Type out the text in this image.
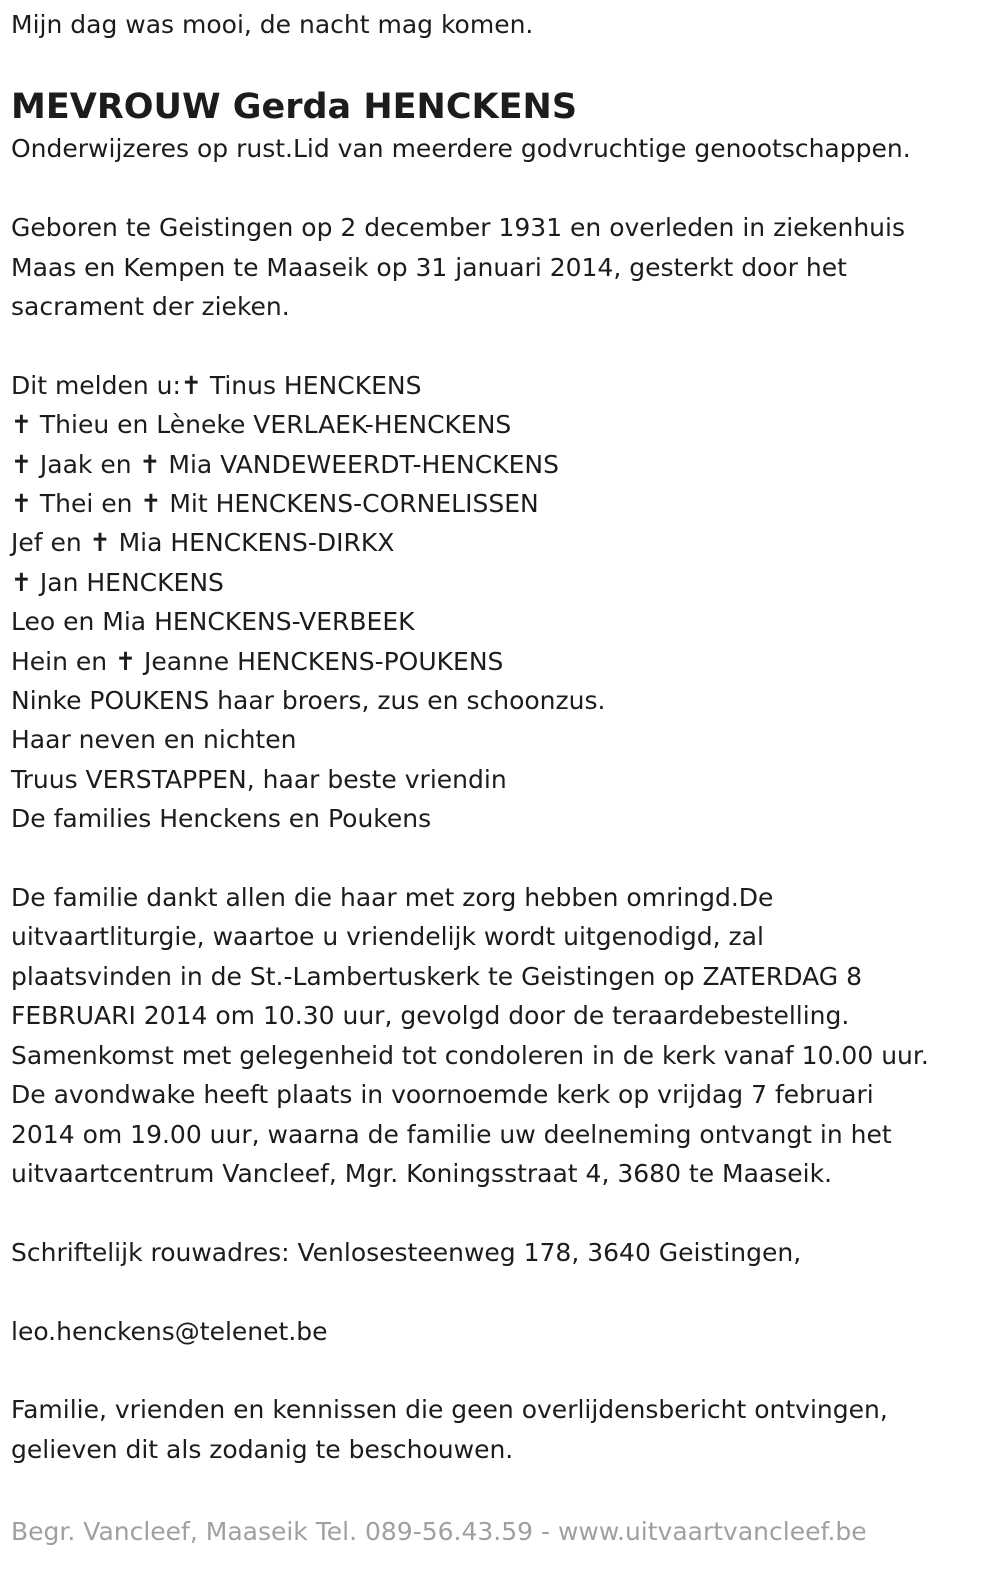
Mijn dag was mooi, de nacht mag komen.

MEVROUW Gerda HENCKENS

Onderwijzeres op rust.Lid van meerdere godvruchtige genootschappen.

Geboren te Geistingen op 2 december 1931 en overleden in ziekenhuis

Maas en Kempen te Maaseik op 31 januari 2014, gesterkt door het

sacrament der zieken.

Dit melden u:✝ Tinus HENCKENS

✝ Thieu en Lèneke VERLAEK-HENCKENS

✝ Jaak en ✝ Mia VANDEWEERDT-HENCKENS

✝ Thei en ✝ Mit HENCKENS-CORNELISSEN

Jef en ✝ Mia HENCKENS-DIRKX

✝ Jan HENCKENS

Leo en Mia HENCKENS-VERBEEK

Hein en ✝ Jeanne HENCKENS-POUKENS

Ninke POUKENS haar broers, zus en schoonzus.

Haar neven en nichten

Truus VERSTAPPEN, haar beste vriendin

De families Henckens en Poukens

De familie dankt allen die haar met zorg hebben omringd.De

uitvaartliturgie, waartoe u vriendelijk wordt uitgenodigd, zal

plaatsvinden in de St.-Lambertuskerk te Geistingen op ZATERDAG 8

FEBRUARI 2014 om 10.30 uur, gevolgd door de teraardebestelling.

Samenkomst met gelegenheid tot condoleren in de kerk vanaf 10.00 uur.

De avondwake heeft plaats in voornoemde kerk op vrijdag 7 februari

2014 om 19.00 uur, waarna de familie uw deelneming ontvangt in het

uitvaartcentrum Vancleef, Mgr. Koningsstraat 4, 3680 te Maaseik.

Schriftelijk rouwadres: Venlosesteenweg 178, 3640 Geistingen,

leo.henckens@telenet.be

Familie, vrienden en kennissen die geen overlijdensbericht ontvingen,

gelieven dit als zodanig te beschouwen.

Begr. Vancleef, Maaseik Tel. 089-56.43.59 - www.uitvaartvancleef.be
